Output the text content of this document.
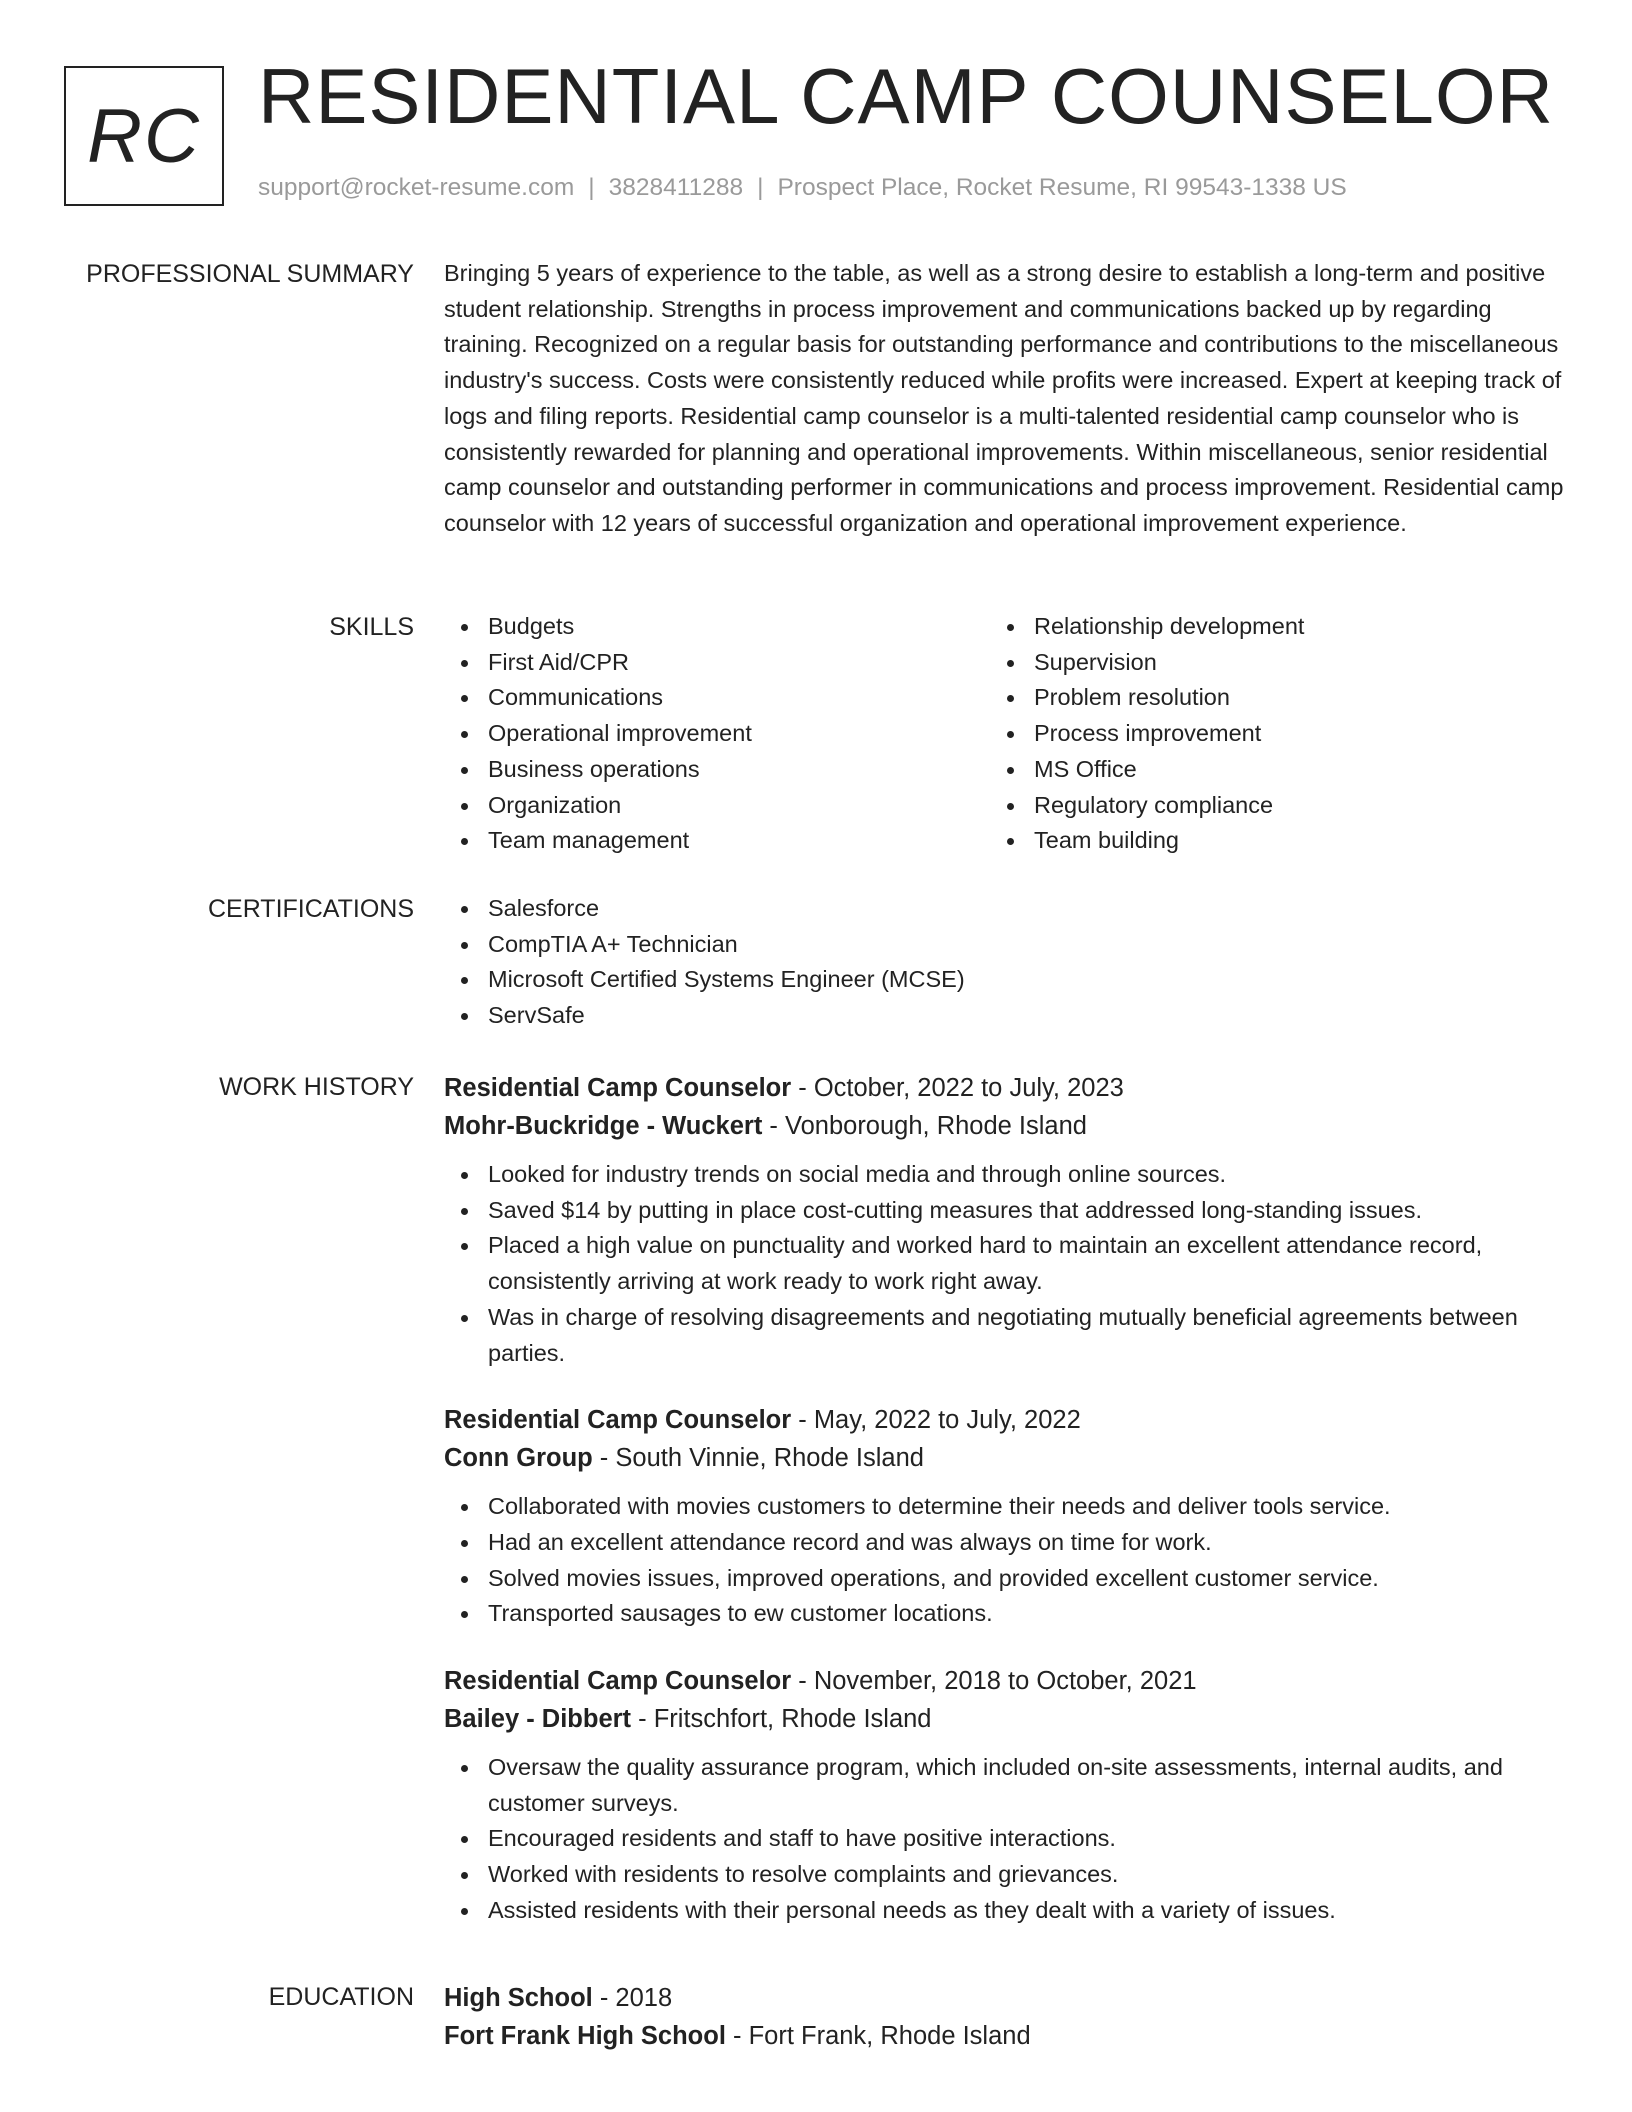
RC RESIDENTIAL CAMP COUNSELOR
support@rocket-resume.com | 3828411288 | Prospect Place, Rocket Resume, RI 99543-1338 US
PROFESSIONAL SUMMARY Bringing 5 years of experience to the table, as well as a strong desire to establish a long-term and positive student relationship. Strengths in process improvement and communications backed up by regarding training. Recognized on a regular basis for outstanding performance and contributions to the miscellaneous industry's success. Costs were consistently reduced while profits were increased. Expert at keeping track of logs and filing reports. Residential camp counselor is a multi-talented residential camp counselor who is consistently rewarded for planning and operational improvements. Within miscellaneous, senior residential camp counselor and outstanding performer in communications and process improvement. Residential camp counselor with 12 years of successful organization and operational improvement experience.

SKILLS	Budgets
First Aid/CPR
Communications
Operational improvement
Business operations
Organization
Team management
Relationship development
Supervision
Problem resolution
Process improvement
MS Office
Regulatory compliance
Team building
CERTIFICATIONS	Salesforce
CompTIA A+ Technician
Microsoft Certified Systems Engineer (MCSE)
ServSafe
WORK HISTORY Residential Camp Counselor - October, 2022 to July, 2023
Mohr-Buckridge - Wuckert - Vonborough, Rhode Island
Looked for industry trends on social media and through online sources.
Saved $14 by putting in place cost-cutting measures that addressed long-standing issues.
Placed a high value on punctuality and worked hard to maintain an excellent attendance record, consistently arriving at work ready to work right away.
Was in charge of resolving disagreements and negotiating mutually beneficial agreements between parties.
Residential Camp Counselor - May, 2022 to July, 2022
Conn Group - South Vinnie, Rhode Island
Collaborated with movies customers to determine their needs and deliver tools service.
Had an excellent attendance record and was always on time for work.
Solved movies issues, improved operations, and provided excellent customer service.
Transported sausages to ew customer locations.
Residential Camp Counselor - November, 2018 to October, 2021
Bailey - Dibbert - Fritschfort, Rhode Island
Oversaw the quality assurance program, which included on-site assessments, internal audits, and customer surveys.
Encouraged residents and staff to have positive interactions.
Worked with residents to resolve complaints and grievances.
Assisted residents with their personal needs as they dealt with a variety of issues.
EDUCATION High School - 2018
Fort Frank High School - Fort Frank, Rhode Island
